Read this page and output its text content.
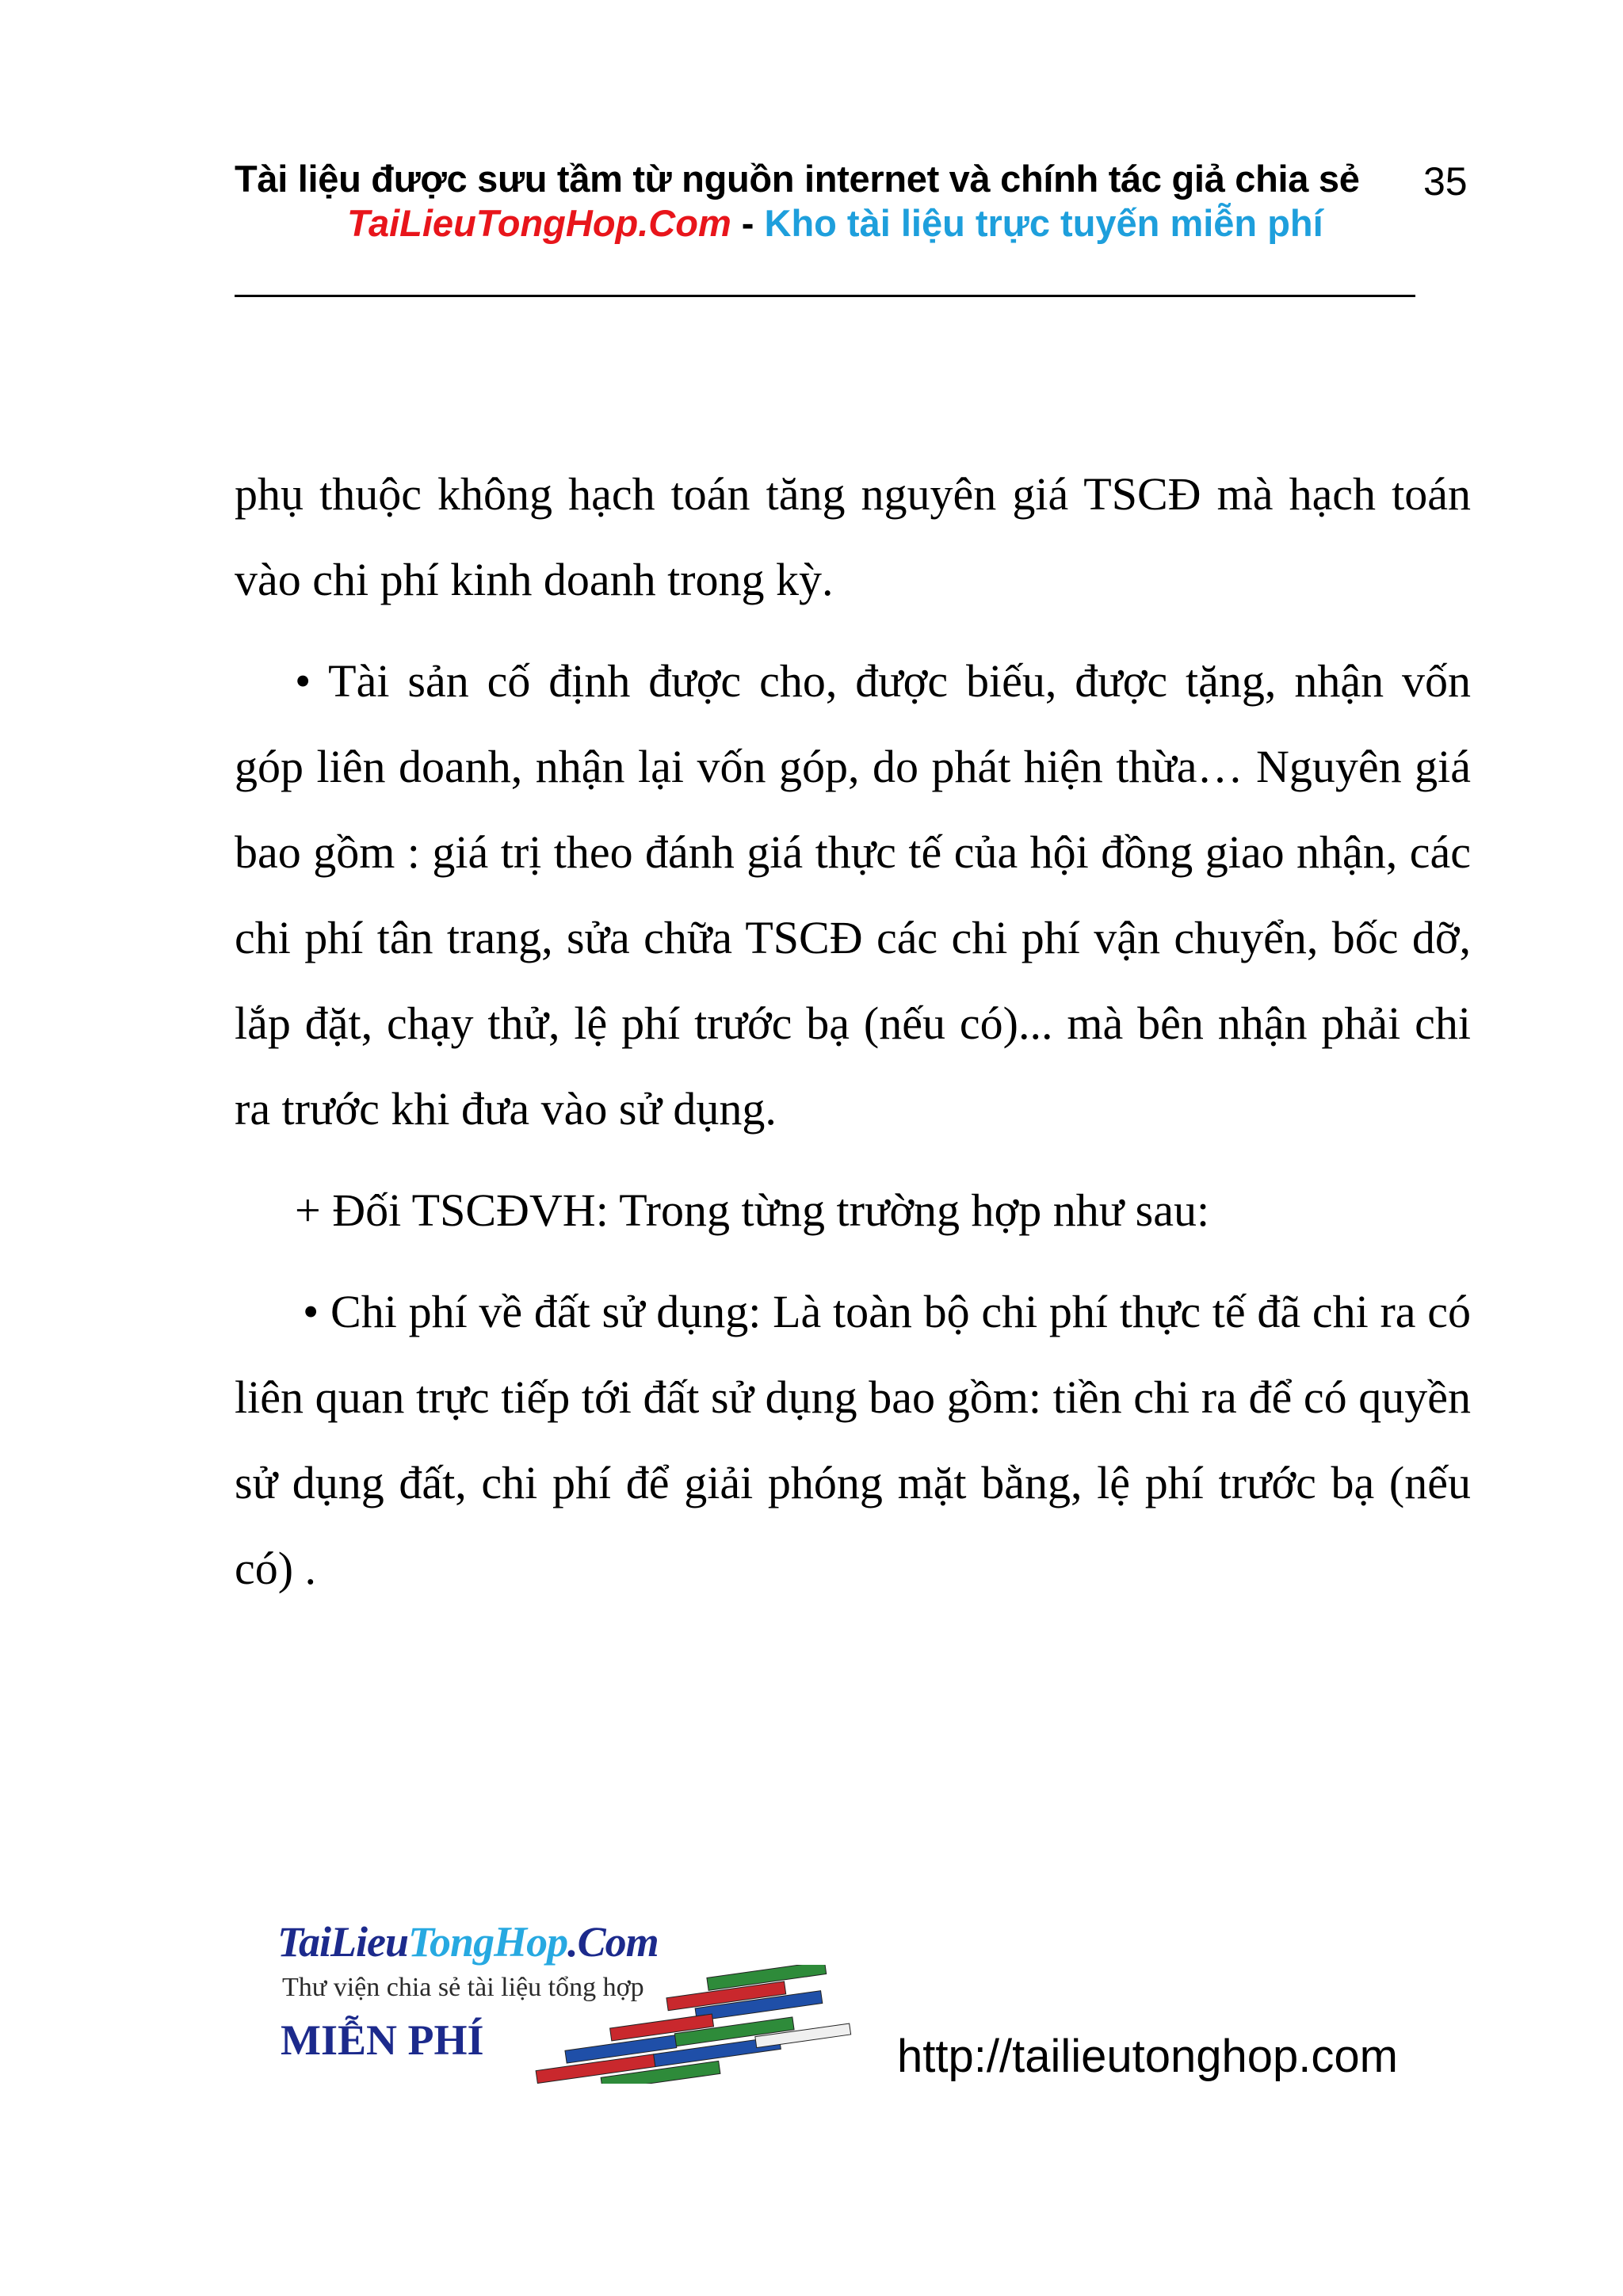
Tài liệu được sưu tầm từ nguồn internet và chính tác giả chia sẻ 35
TaiLieuTongHop.Com - Kho tài liệu trực tuyến miễn phí

phụ thuộc không hạch toán tăng nguyên giá TSCĐ mà hạch toán vào chi phí kinh doanh trong kỳ.

• Tài sản cố định được cho, được biếu, được tặng, nhận vốn góp liên doanh, nhận lại vốn góp, do phát hiện thừa… Nguyên giá bao gồm : giá trị theo đánh giá thực tế của hội đồng giao nhận, các chi phí tân trang, sửa chữa TSCĐ các chi phí vận chuyển, bốc dỡ, lắp đặt, chạy thử, lệ phí trước bạ (nếu có)... mà bên nhận phải chi ra trước khi đưa vào sử dụng.

+ Đối TSCĐVH: Trong từng trường hợp như sau:

• Chi phí về đất sử dụng: Là toàn bộ chi phí thực tế đã chi ra có liên quan trực tiếp tới đất sử dụng bao gồm: tiền chi ra để có quyền sử dụng đất, chi phí để giải phóng mặt bằng, lệ phí trước bạ (nếu có) .

TaiLieuTongHop.Com
Thư viện chia sẻ tài liệu tổng hợp
MIỄN PHÍ	http://tailieutonghop.com
